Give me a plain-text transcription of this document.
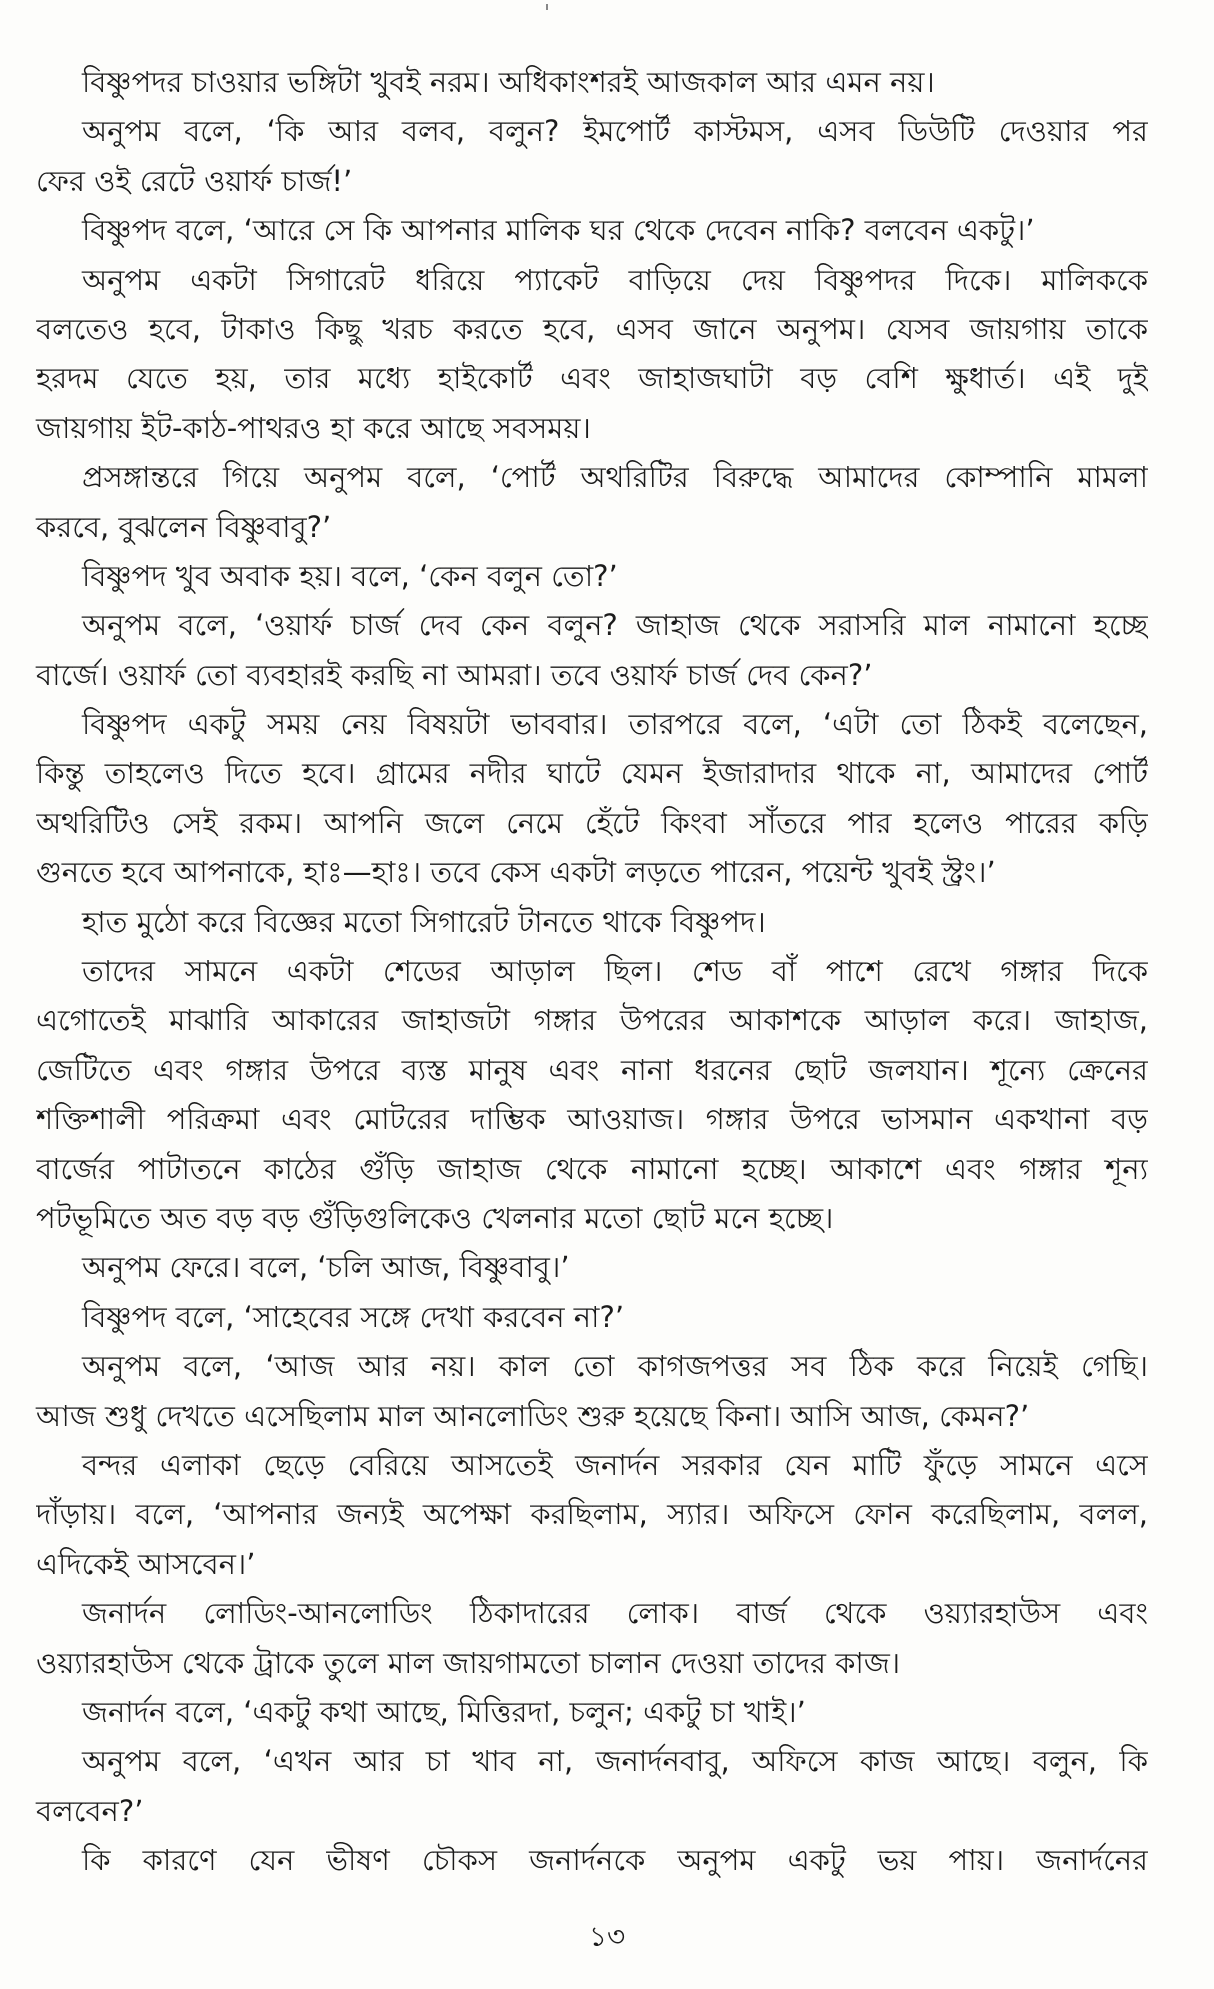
বিষ্ণুপদর চাওয়ার ভঙ্গিটা খুবই নরম। অধিকাংশরই আজকাল আর এমন নয়।
অনুপম বলে, ‘কি আর বলব, বলুন? ইমপোর্ট কাস্টমস, এসব ডিউটি দেওয়ার পর
ফের ওই রেটে ওয়ার্ফ চার্জ!’
বিষ্ণুপদ বলে, ‘আরে সে কি আপনার মালিক ঘর থেকে দেবেন নাকি? বলবেন একটু।’
অনুপম একটা সিগারেট ধরিয়ে প্যাকেট বাড়িয়ে দেয় বিষ্ণুপদর দিকে। মালিককে
বলতেও হবে, টাকাও কিছু খরচ করতে হবে, এসব জানে অনুপম। যেসব জায়গায় তাকে
হরদম যেতে হয়, তার মধ্যে হাইকোর্ট এবং জাহাজঘাটা বড় বেশি ক্ষুধার্ত। এই দুই
জায়গায় ইট-কাঠ-পাথরও হা করে আছে সবসময়।
প্রসঙ্গান্তরে গিয়ে অনুপম বলে, ‘পোর্ট অথরিটির বিরুদ্ধে আমাদের কোম্পানি মামলা
করবে, বুঝলেন বিষ্ণুবাবু?’
বিষ্ণুপদ খুব অবাক হয়। বলে, ‘কেন বলুন তো?’
অনুপম বলে, ‘ওয়ার্ফ চার্জ দেব কেন বলুন? জাহাজ থেকে সরাসরি মাল নামানো হচ্ছে
বার্জে। ওয়ার্ফ তো ব্যবহারই করছি না আমরা। তবে ওয়ার্ফ চার্জ দেব কেন?’
বিষ্ণুপদ একটু সময় নেয় বিষয়টা ভাববার। তারপরে বলে, ‘এটা তো ঠিকই বলেছেন,
কিন্তু তাহলেও দিতে হবে। গ্রামের নদীর ঘাটে যেমন ইজারাদার থাকে না, আমাদের পোর্ট
অথরিটিও সেই রকম। আপনি জলে নেমে হেঁটে কিংবা সাঁতরে পার হলেও পারের কড়ি
গুনতে হবে আপনাকে, হাঃ—হাঃ। তবে কেস একটা লড়তে পারেন, পয়েন্ট খুবই স্ট্রং।’
হাত মুঠো করে বিজ্ঞের মতো সিগারেট টানতে থাকে বিষ্ণুপদ।
তাদের সামনে একটা শেডের আড়াল ছিল। শেড বাঁ পাশে রেখে গঙ্গার দিকে
এগোতেই মাঝারি আকারের জাহাজটা গঙ্গার উপরের আকাশকে আড়াল করে। জাহাজ,
জেটিতে এবং গঙ্গার উপরে ব্যস্ত মানুষ এবং নানা ধরনের ছোট জলযান। শূন্যে ক্রেনের
শক্তিশালী পরিক্রমা এবং মোটরের দাম্ভিক আওয়াজ। গঙ্গার উপরে ভাসমান একখানা বড়
বার্জের পাটাতনে কাঠের গুঁড়ি জাহাজ থেকে নামানো হচ্ছে। আকাশে এবং গঙ্গার শূন্য
পটভূমিতে অত বড় বড় গুঁড়িগুলিকেও খেলনার মতো ছোট মনে হচ্ছে।
অনুপম ফেরে। বলে, ‘চলি আজ, বিষ্ণুবাবু।’
বিষ্ণুপদ বলে, ‘সাহেবের সঙ্গে দেখা করবেন না?’
অনুপম বলে, ‘আজ আর নয়। কাল তো কাগজপত্তর সব ঠিক করে নিয়েই গেছি।
আজ শুধু দেখতে এসেছিলাম মাল আনলোডিং শুরু হয়েছে কিনা। আসি আজ, কেমন?’
বন্দর এলাকা ছেড়ে বেরিয়ে আসতেই জনার্দন সরকার যেন মাটি ফুঁড়ে সামনে এসে
দাঁড়ায়। বলে, ‘আপনার জন্যই অপেক্ষা করছিলাম, স্যার। অফিসে ফোন করেছিলাম, বলল,
এদিকেই আসবেন।’
জনার্দন লোডিং-আনলোডিং ঠিকাদারের লোক। বার্জ থেকে ওয়্যারহাউস এবং
ওয়্যারহাউস থেকে ট্রাকে তুলে মাল জায়গামতো চালান দেওয়া তাদের কাজ।
জনার্দন বলে, ‘একটু কথা আছে, মিত্তিরদা, চলুন; একটু চা খাই।’
অনুপম বলে, ‘এখন আর চা খাব না, জনার্দনবাবু, অফিসে কাজ আছে। বলুন, কি
বলবেন?’
কি কারণে যেন ভীষণ চৌকস জনার্দনকে অনুপম একটু ভয় পায়। জনার্দনের
১৩
